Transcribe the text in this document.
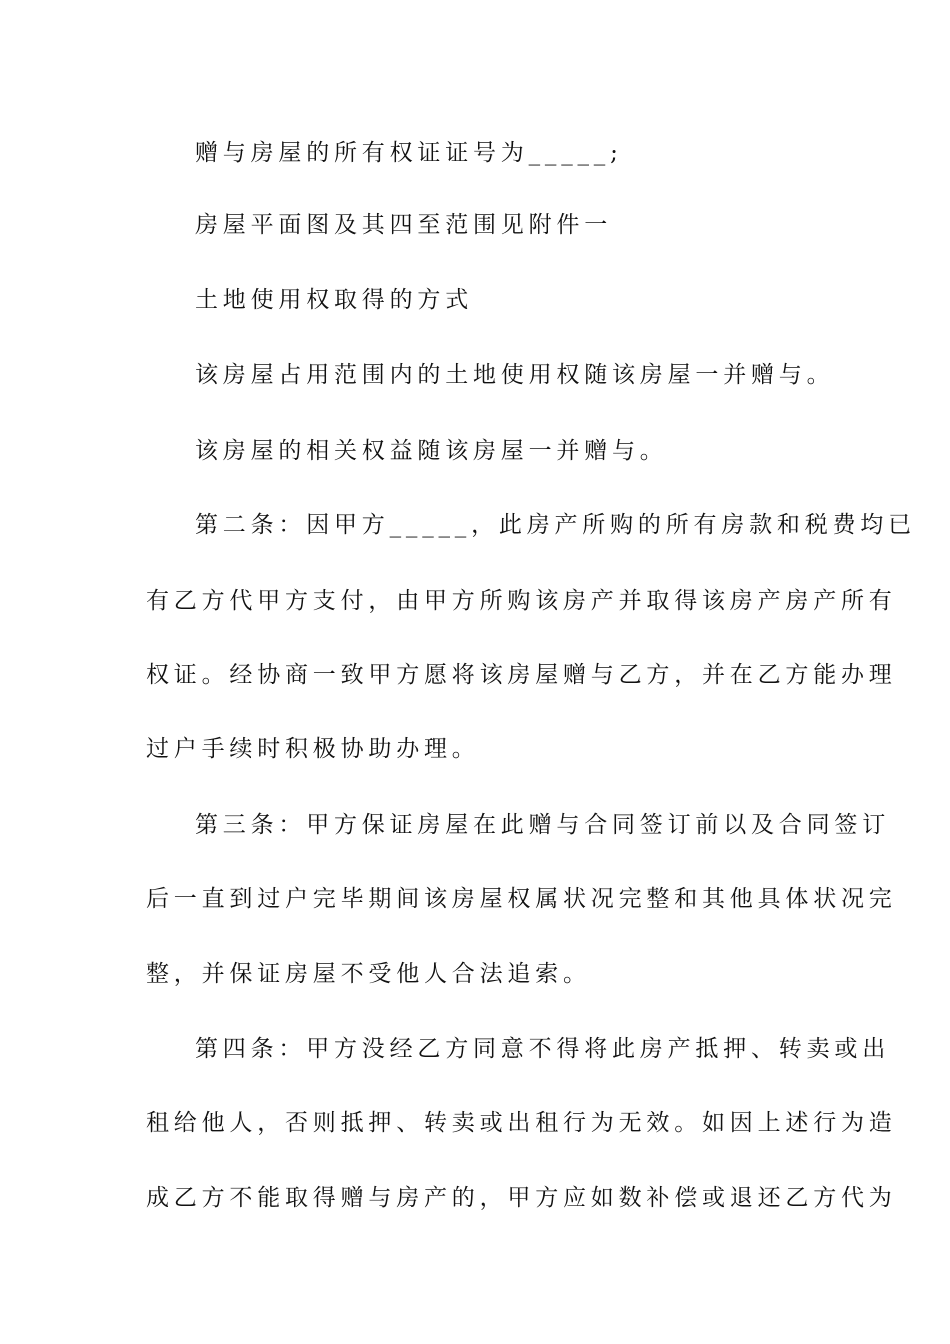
赠与房屋的所有权证证号为_____;
房屋平面图及其四至范围见附件一
土地使用权取得的方式
该房屋占用范围内的土地使用权随该房屋一并赠与。
该房屋的相关权益随该房屋一并赠与。
第二条：因甲方_____，此房产所购的所有房款和税费均已
有乙方代甲方支付，由甲方所购该房产并取得该房产房产所有
权证。经协商一致甲方愿将该房屋赠与乙方，并在乙方能办理
过户手续时积极协助办理。
第三条：甲方保证房屋在此赠与合同签订前以及合同签订
后一直到过户完毕期间该房屋权属状况完整和其他具体状况完
整，并保证房屋不受他人合法追索。
第四条：甲方没经乙方同意不得将此房产抵押、转卖或出
租给他人，否则抵押、转卖或出租行为无效。如因上述行为造
成乙方不能取得赠与房产的，甲方应如数补偿或退还乙方代为
